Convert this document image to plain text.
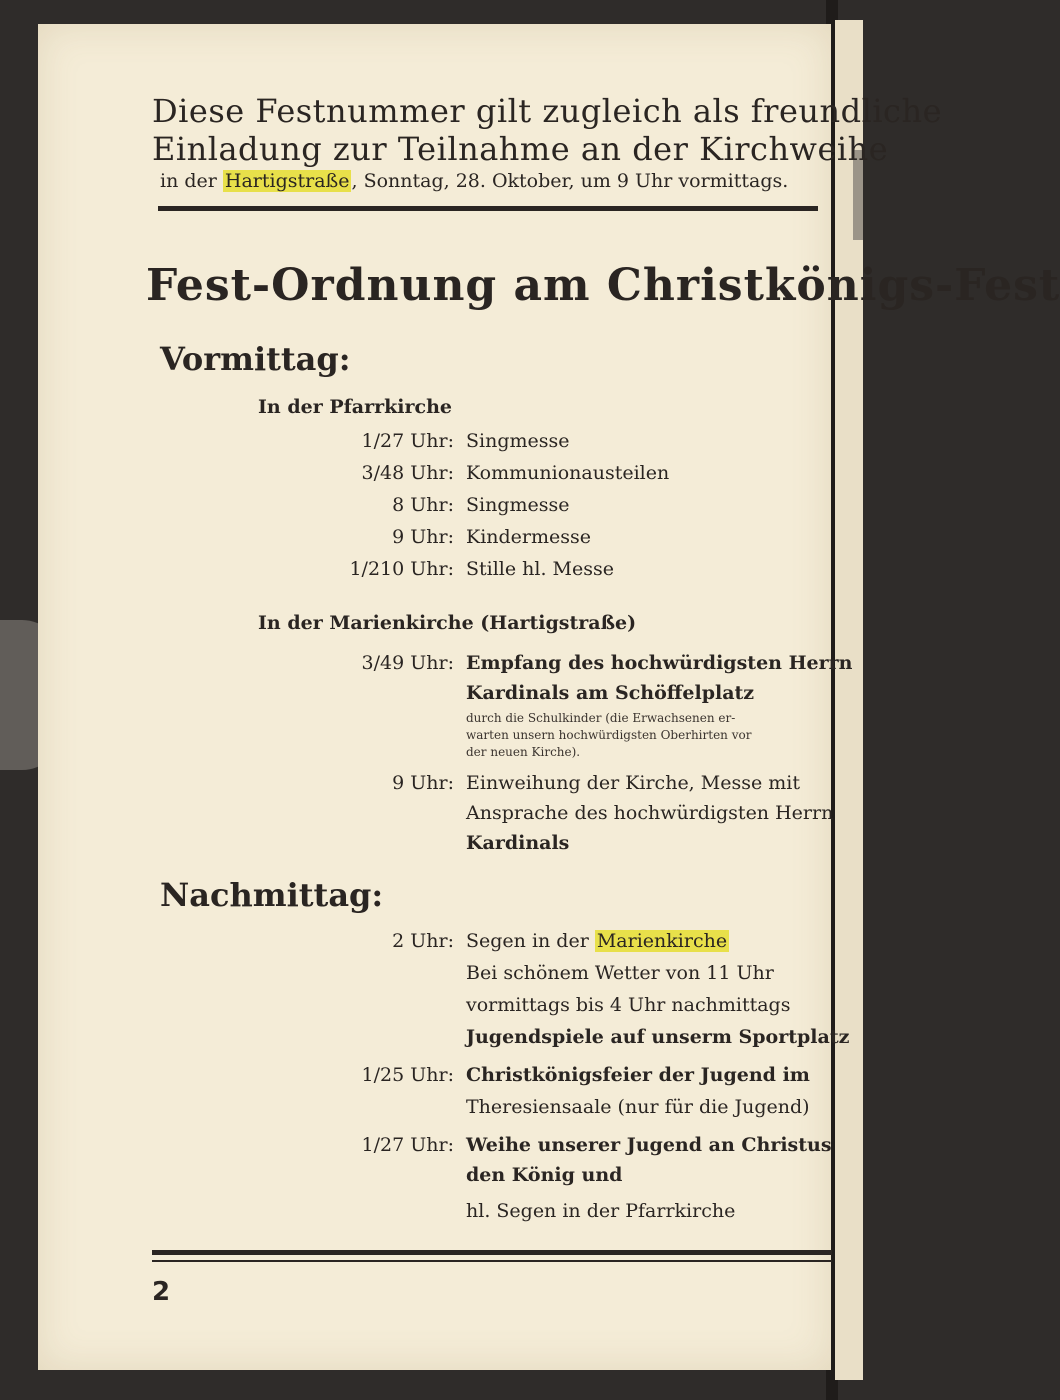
Diese Festnummer gilt zugleich als freundliche
Einladung zur Teilnahme an der Kirchweihe
in der Hartigstraße , Sonntag, 28. Oktober, um 9 Uhr vormittags.
Fest-Ordnung am Christkönigs-Fest
Vormittag:
In der Pfarrkirche
1/27 Uhr: Singmesse
3/48 Uhr: Kommunionausteilen
8 Uhr: Singmesse
9 Uhr: Kindermesse
1/210 Uhr: Stille hl. Messe
In der Marienkirche (Hartigstraße)
3/49 Uhr: Empfang des hochwürdigsten Herrn
Kardinals am Schöffelplatz
durch die Schulkinder (die Erwachsenen er-
warten unsern hochwürdigsten Oberhirten vor
der neuen Kirche).
9 Uhr: Einweihung der Kirche, Messe mit
Ansprache des hochwürdigsten Herrn
Kardinals
Nachmittag:
2 Uhr: Segen in der Marienkirche
Bei schönem Wetter von 11 Uhr
vormittags bis 4 Uhr nachmittags
Jugendspiele auf unserm Sportplatz
1/25 Uhr: Christkönigsfeier der Jugend im
Theresiensaale (nur für die Jugend)
1/27 Uhr: Weihe unserer Jugend an Christus
den König und
hl. Segen in der Pfarrkirche
2
